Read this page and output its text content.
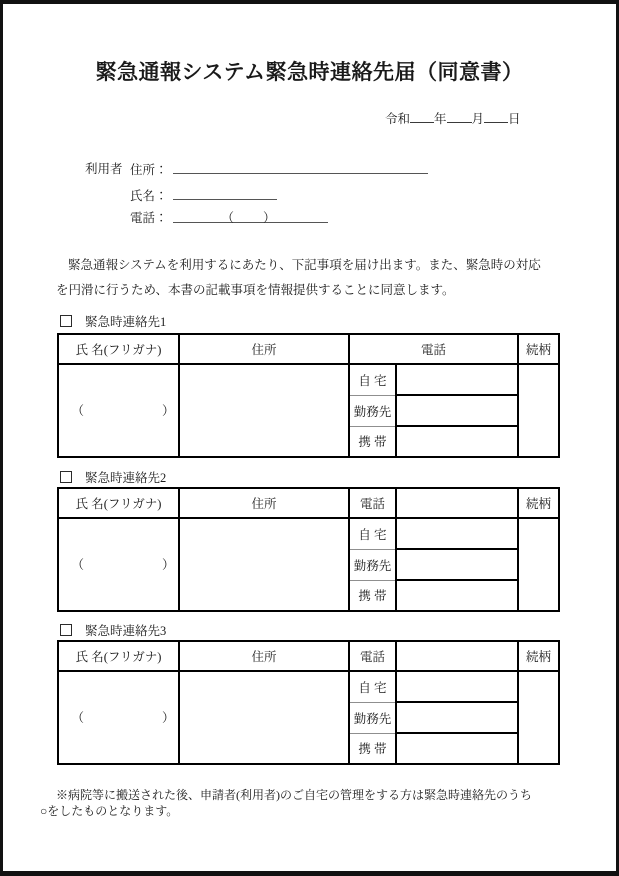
緊急通報システム緊急時連絡先届（同意書）
令和 年 月 日
利用者 住所：
氏名：
電話：	（ ）
緊急通報システムを利用するにあたり、下記事項を届け出ます。また、緊急時の対応
を円滑に行うため、本書の記載事項を情報提供することに同意します。
緊急時連絡先1
氏 名(フリガナ)	住所	電話		続柄

（ ）		自 宅		
		勤務先		
		携 帯		
緊急時連絡先2
氏 名(フリガナ)	住所	電話		続柄

（ ）		自 宅		
		勤務先		
		携 帯		
緊急時連絡先3
氏 名(フリガナ)	住所	電話		続柄

（ ）		自 宅		
		勤務先		
		携 帯		
※病院等に搬送された後、申請者(利用者)のご自宅の管理をする方は緊急時連絡先のうち
○をしたものとなります。
